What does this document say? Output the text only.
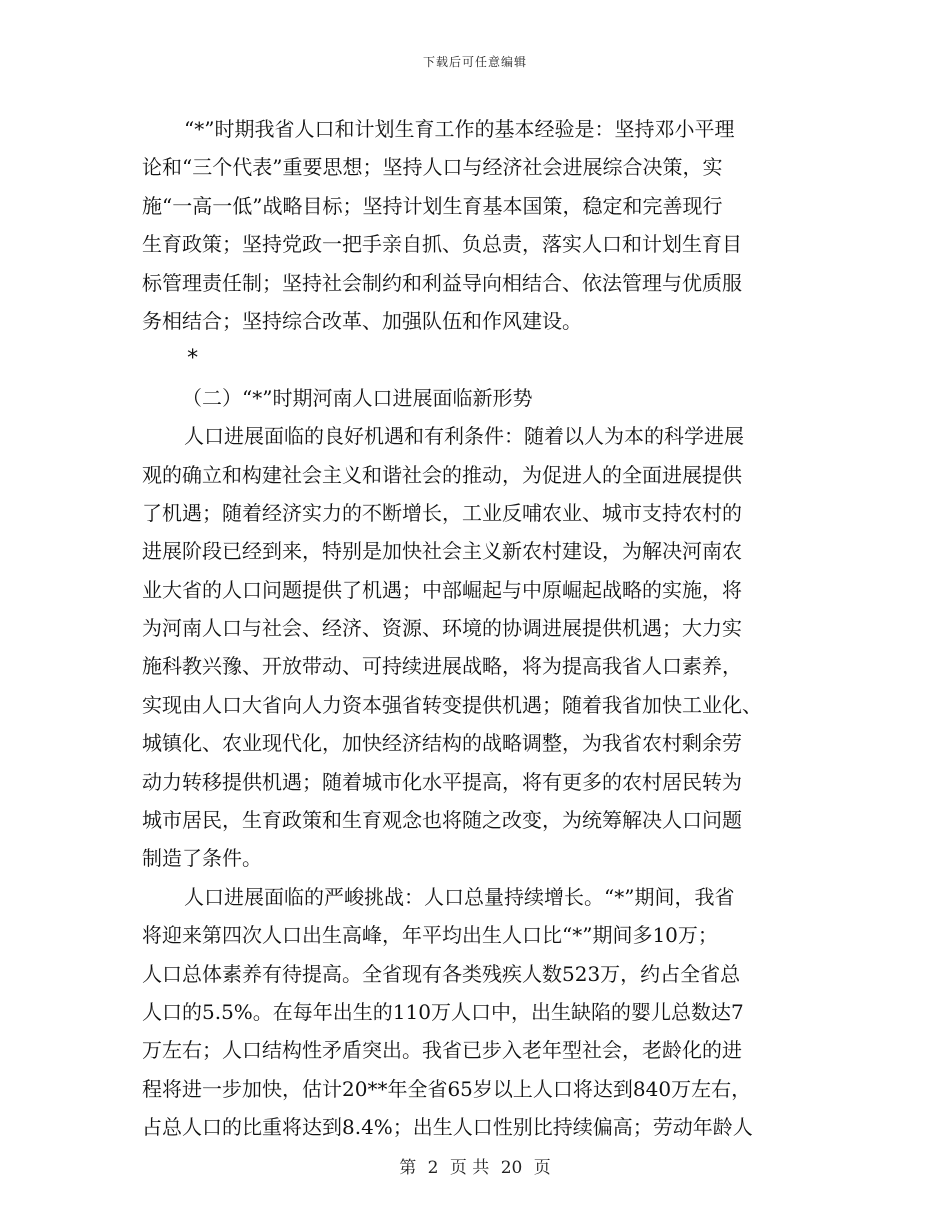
下载后可任意编辑
“*”时期我省人口和计划生育工作的基本经验是：坚持邓小平理
论和“三个代表”重要思想；坚持人口与经济社会进展综合决策，实
施“一高一低”战略目标；坚持计划生育基本国策，稳定和完善现行
生育政策；坚持党政一把手亲自抓、负总责，落实人口和计划生育目
标管理责任制；坚持社会制约和利益导向相结合、依法管理与优质服
务相结合；坚持综合改革、加强队伍和作风建设。
*
（二）“*”时期河南人口进展面临新形势
人口进展面临的良好机遇和有利条件：随着以人为本的科学进展
观的确立和构建社会主义和谐社会的推动，为促进人的全面进展提供
了机遇；随着经济实力的不断增长，工业反哺农业、城市支持农村的
进展阶段已经到来，特别是加快社会主义新农村建设，为解决河南农
业大省的人口问题提供了机遇；中部崛起与中原崛起战略的实施，将
为河南人口与社会、经济、资源、环境的协调进展提供机遇；大力实
施科教兴豫、开放带动、可持续进展战略，将为提高我省人口素养，
实现由人口大省向人力资本强省转变提供机遇；随着我省加快工业化、
城镇化、农业现代化，加快经济结构的战略调整，为我省农村剩余劳
动力转移提供机遇；随着城市化水平提高，将有更多的农村居民转为
城市居民，生育政策和生育观念也将随之改变，为统筹解决人口问题
制造了条件。
人口进展面临的严峻挑战：人口总量持续增长。“*”期间，我省
将迎来第四次人口出生高峰，年平均出生人口比“*”期间多10万；
人口总体素养有待提高。全省现有各类残疾人数523万，约占全省总
人口的5.5%。在每年出生的110万人口中，出生缺陷的婴儿总数达7
万左右；人口结构性矛盾突出。我省已步入老年型社会，老龄化的进
程将进一步加快，估计20**年全省65岁以上人口将达到840万左右，
占总人口的比重将达到8.4%；出生人口性别比持续偏高；劳动年龄人
第 2 页 共 20 页
